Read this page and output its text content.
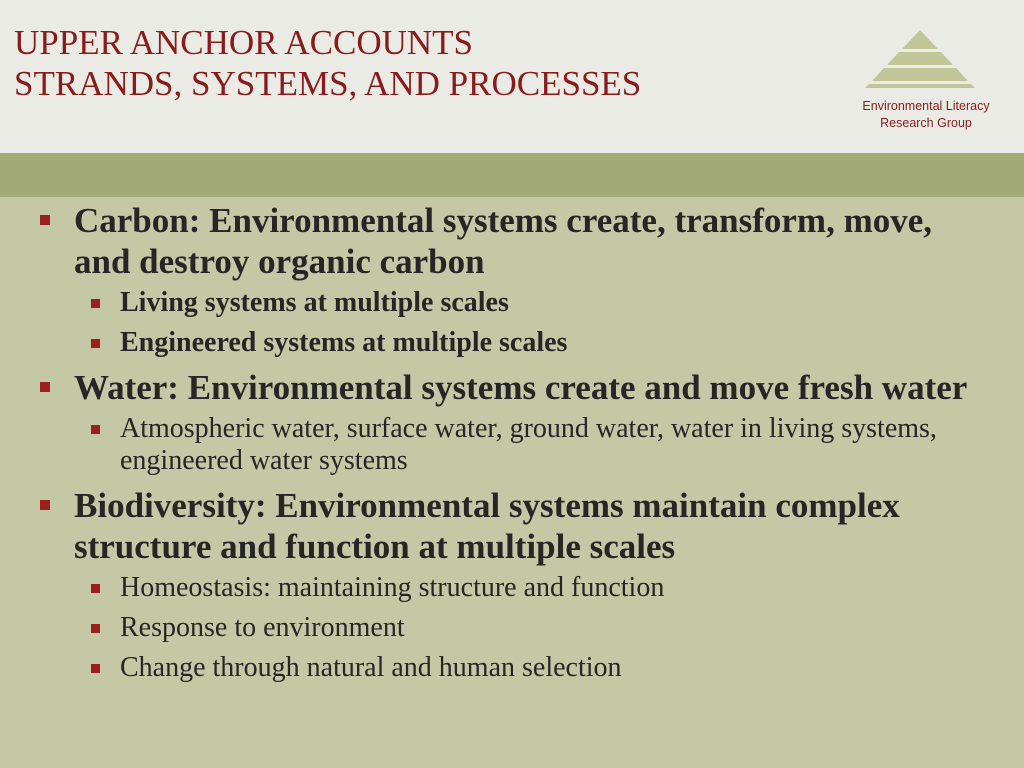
UPPER ANCHOR ACCOUNTS
STRANDS, SYSTEMS, AND PROCESSES
Environmental Literacy
Research Group
Carbon: Environmental systems create, transform, move, and destroy organic carbon
Living systems at multiple scales
Engineered systems at multiple scales
Water: Environmental systems create and move fresh water
Atmospheric water, surface water, ground water, water in living systems, engineered water systems
Biodiversity: Environmental systems maintain complex structure and function at multiple scales
Homeostasis: maintaining structure and function
Response to environment
Change through natural and human selection
